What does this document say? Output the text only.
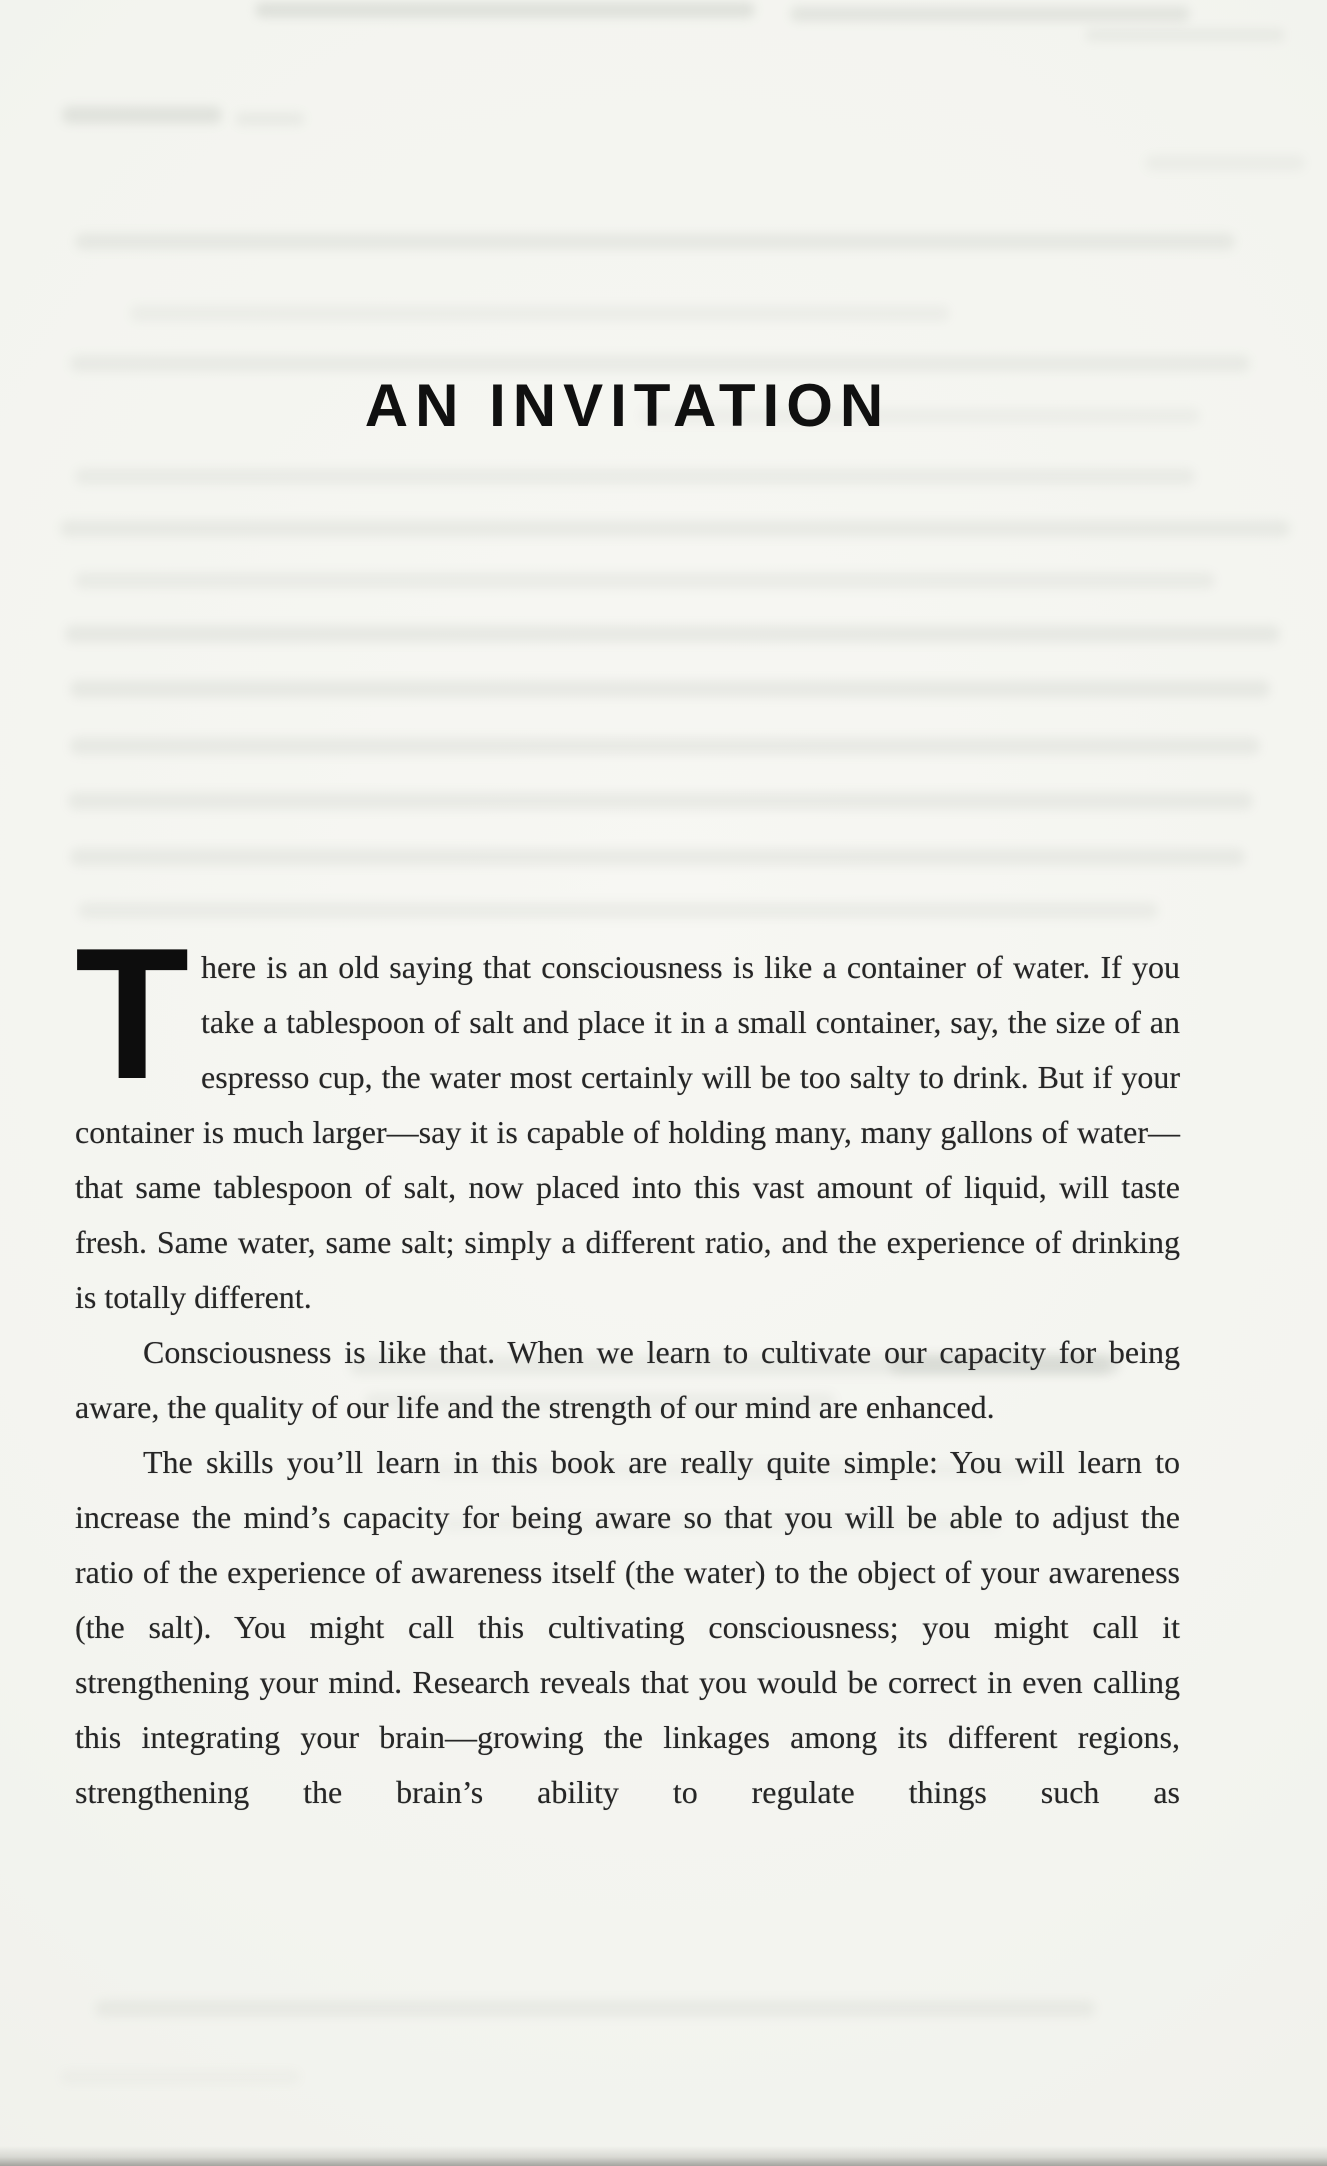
AN INVITATION

There is an old saying that consciousness is like a container of water. If you take a tablespoon of salt and place it in a small container, say, the size of an espresso cup, the water most certainly will be too salty to drink. But if your container is much larger—say it is capable of holding many, many gallons of water—that same tablespoon of salt, now placed into this vast amount of liquid, will taste fresh. Same water, same salt; simply a different ratio, and the experience of drinking is totally different.

Consciousness is like that. When we learn to cultivate our capacity for being aware, the quality of our life and the strength of our mind are enhanced.

The skills you’ll learn in this book are really quite simple: You will learn to increase the mind’s capacity for being aware so that you will be able to adjust the ratio of the experience of awareness itself (the water) to the object of your awareness (the salt). You might call this cultivating consciousness; you might call it strengthening your mind. Research reveals that you would be correct in even calling this integrating your brain—growing the linkages among its different regions, strengthening the brain’s ability to regulate things such as
